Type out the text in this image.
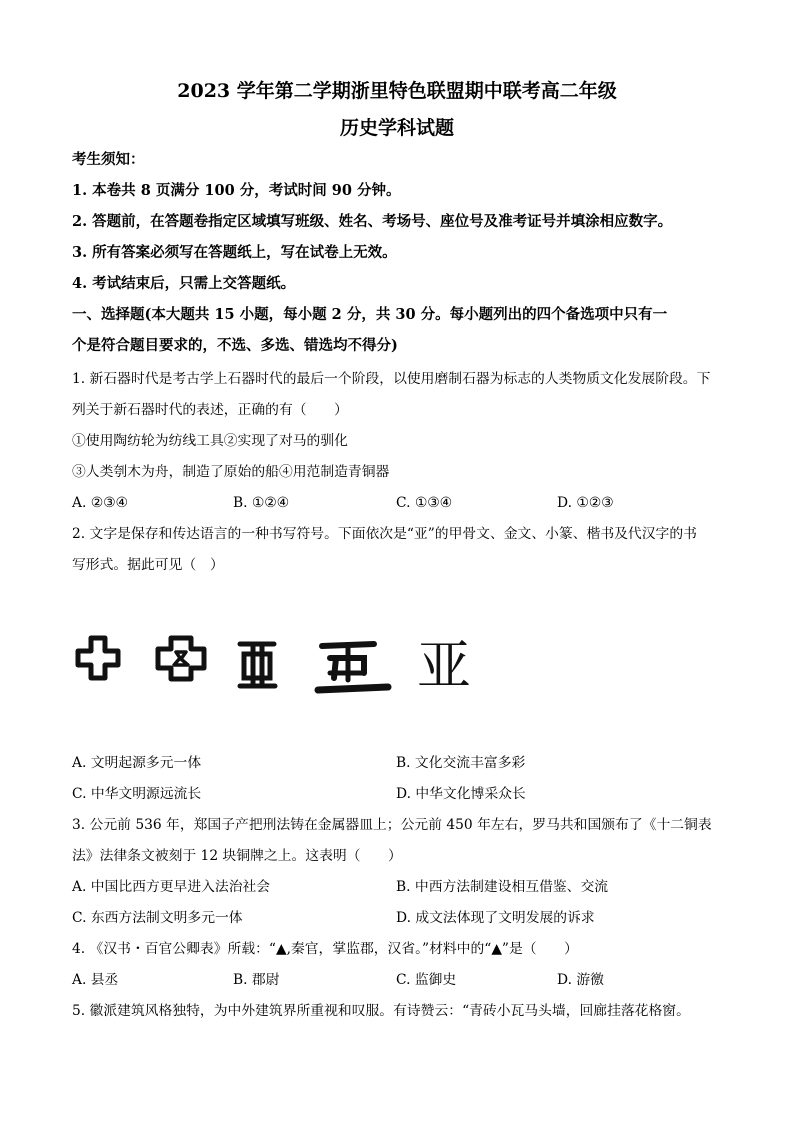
2023 学年第二学期浙里特色联盟期中联考高二年级
历史学科试题
考生须知：
1. 本卷共 8 页满分 100 分，考试时间 90 分钟。
2. 答题前，在答题卷指定区域填写班级、姓名、考场号、座位号及准考证号并填涂相应数字。
3. 所有答案必须写在答题纸上，写在试卷上无效。
4. 考试结束后，只需上交答题纸。
一、选择题(本大题共 15 小题，每小题 2 分，共 30 分。每小题列出的四个备选项中只有一
个是符合题目要求的，不选、多选、错选均不得分)
1. 新石器时代是考古学上石器时代的最后一个阶段，以使用磨制石器为标志的人类物质文化发展阶段。下
列关于新石器时代的表述，正确的有（　　）
①使用陶纺轮为纺线工具②实现了对马的驯化
③人类刳木为舟，制造了原始的船④用范制造青铜器
A. ②③④	B. ①②④	C. ①③④	D. ①②③
2. 文字是保存和传达语言的一种书写符号。下面依次是“亚”的甲骨文、金文、小篆、楷书及代汉字的书
写形式。据此可见（　）
亚
A. 文明起源多元一体	B. 文化交流丰富多彩
C. 中华文明源远流长	D. 中华文化博采众长
3. 公元前 536 年，郑国子产把刑法铸在金属器皿上；公元前 450 年左右，罗马共和国颁布了《十二铜表
法》法律条文被刻于 12 块铜牌之上。这表明（　　）
A. 中国比西方更早进入法治社会	B. 中西方法制建设相互借鉴、交流
C. 东西方法制文明多元一体	D. 成文法体现了文明发展的诉求
4. 《汉书・百官公卿表》所载：“▲,秦官，掌监郡，汉省。”材料中的“▲”是（　　）
A. 县丞	B. 郡尉	C. 监御史	D. 游徼
5. 徽派建筑风格独特，为中外建筑界所重视和叹服。有诗赞云：“青砖小瓦马头墙，回廊挂落花格窗。
